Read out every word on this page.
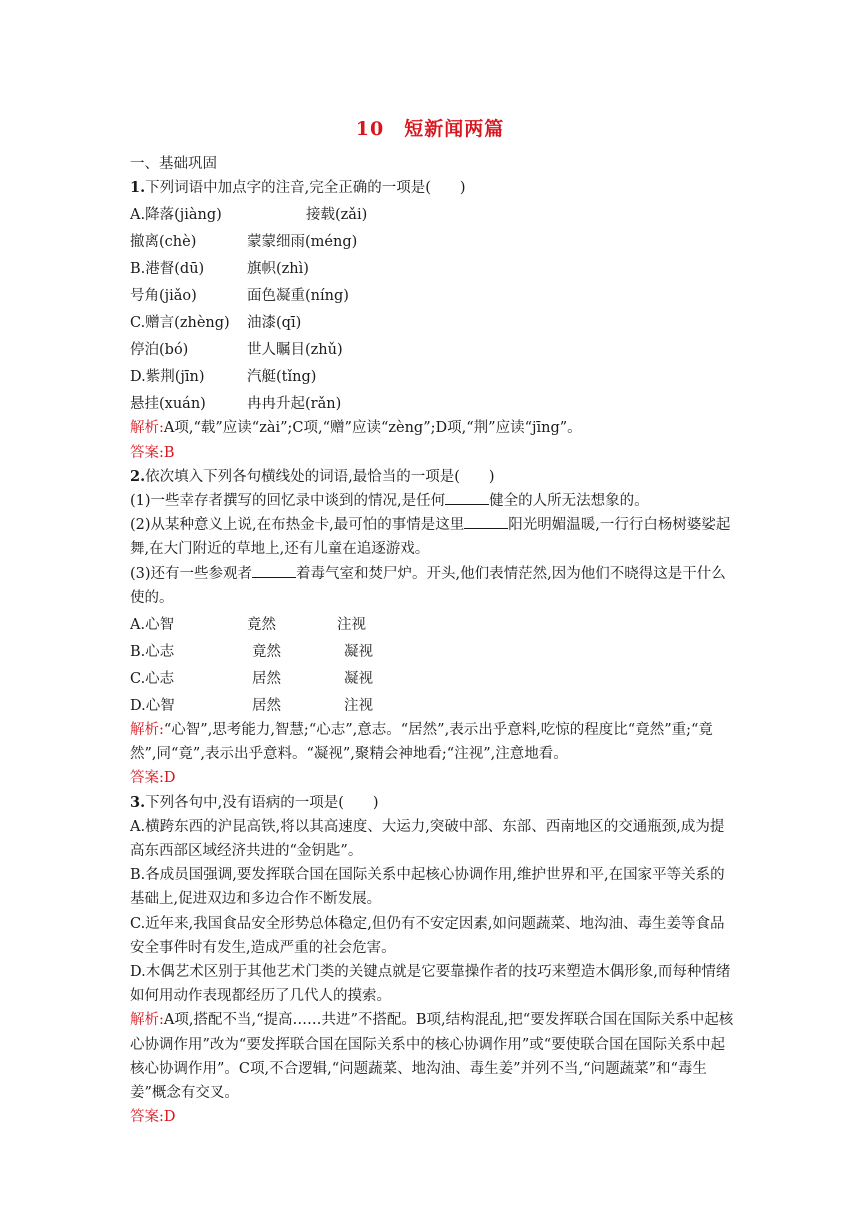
10　短新闻两篇

一、基础巩固

1.下列词语中加点字的注音,完全正确的一项是(　　)

A.降落(jiàng)	接载(zǎi)
撤离(chè)	蒙蒙细雨(méng)
B.港督(dū)	旗帜(zhì)
号角(jiǎo)	面色凝重(níng)
C.赠言(zhèng)	油漆(qī)
停泊(bó)	世人瞩目(zhǔ)
D.紫荆(jīn)	汽艇(tǐng)
悬挂(xuán)	冉冉升起(rǎn)

解析:A项,“载”应读“zài”;C项,“赠”应读“zèng”;D项,“荆”应读“jīng”。

答案:B

2.依次填入下列各句横线处的词语,最恰当的一项是(　　)

(1)一些幸存者撰写的回忆录中谈到的情况,是任何	健全的人所无法想象的。

(2)从某种意义上说,在布热金卡,最可怕的事情是这里	阳光明媚温暖,一行行白杨树婆娑起舞,在大门附近的草地上,还有儿童在追逐游戏。

(3)还有一些参观者	着毒气室和焚尸炉。开头,他们表情茫然,因为他们不晓得这是干什么使的。

A.心智	竟然	注视
B.心志	竟然	凝视
C.心志	居然	凝视
D.心智	居然	注视

解析:“心智”,思考能力,智慧;“心志”,意志。“居然”,表示出乎意料,吃惊的程度比“竟然”重;“竟然”,同“竟”,表示出乎意料。“凝视”,聚精会神地看;“注视”,注意地看。

答案:D

3.下列各句中,没有语病的一项是(　　)

A.横跨东西的沪昆高铁,将以其高速度、大运力,突破中部、东部、西南地区的交通瓶颈,成为提高东西部区域经济共进的“金钥匙”。

B.各成员国强调,要发挥联合国在国际关系中起核心协调作用,维护世界和平,在国家平等关系的基础上,促进双边和多边合作不断发展。

C.近年来,我国食品安全形势总体稳定,但仍有不安定因素,如问题蔬菜、地沟油、毒生姜等食品安全事件时有发生,造成严重的社会危害。

D.木偶艺术区别于其他艺术门类的关键点就是它要靠操作者的技巧来塑造木偶形象,而每种情绪如何用动作表现都经历了几代人的摸索。

解析:A项,搭配不当,“提高……共进”不搭配。B项,结构混乱,把“要发挥联合国在国际关系中起核心协调作用”改为“要发挥联合国在国际关系中的核心协调作用”或“要使联合国在国际关系中起核心协调作用”。C项,不合逻辑,“问题蔬菜、地沟油、毒生姜”并列不当,“问题蔬菜”和“毒生姜”概念有交叉。

答案:D
